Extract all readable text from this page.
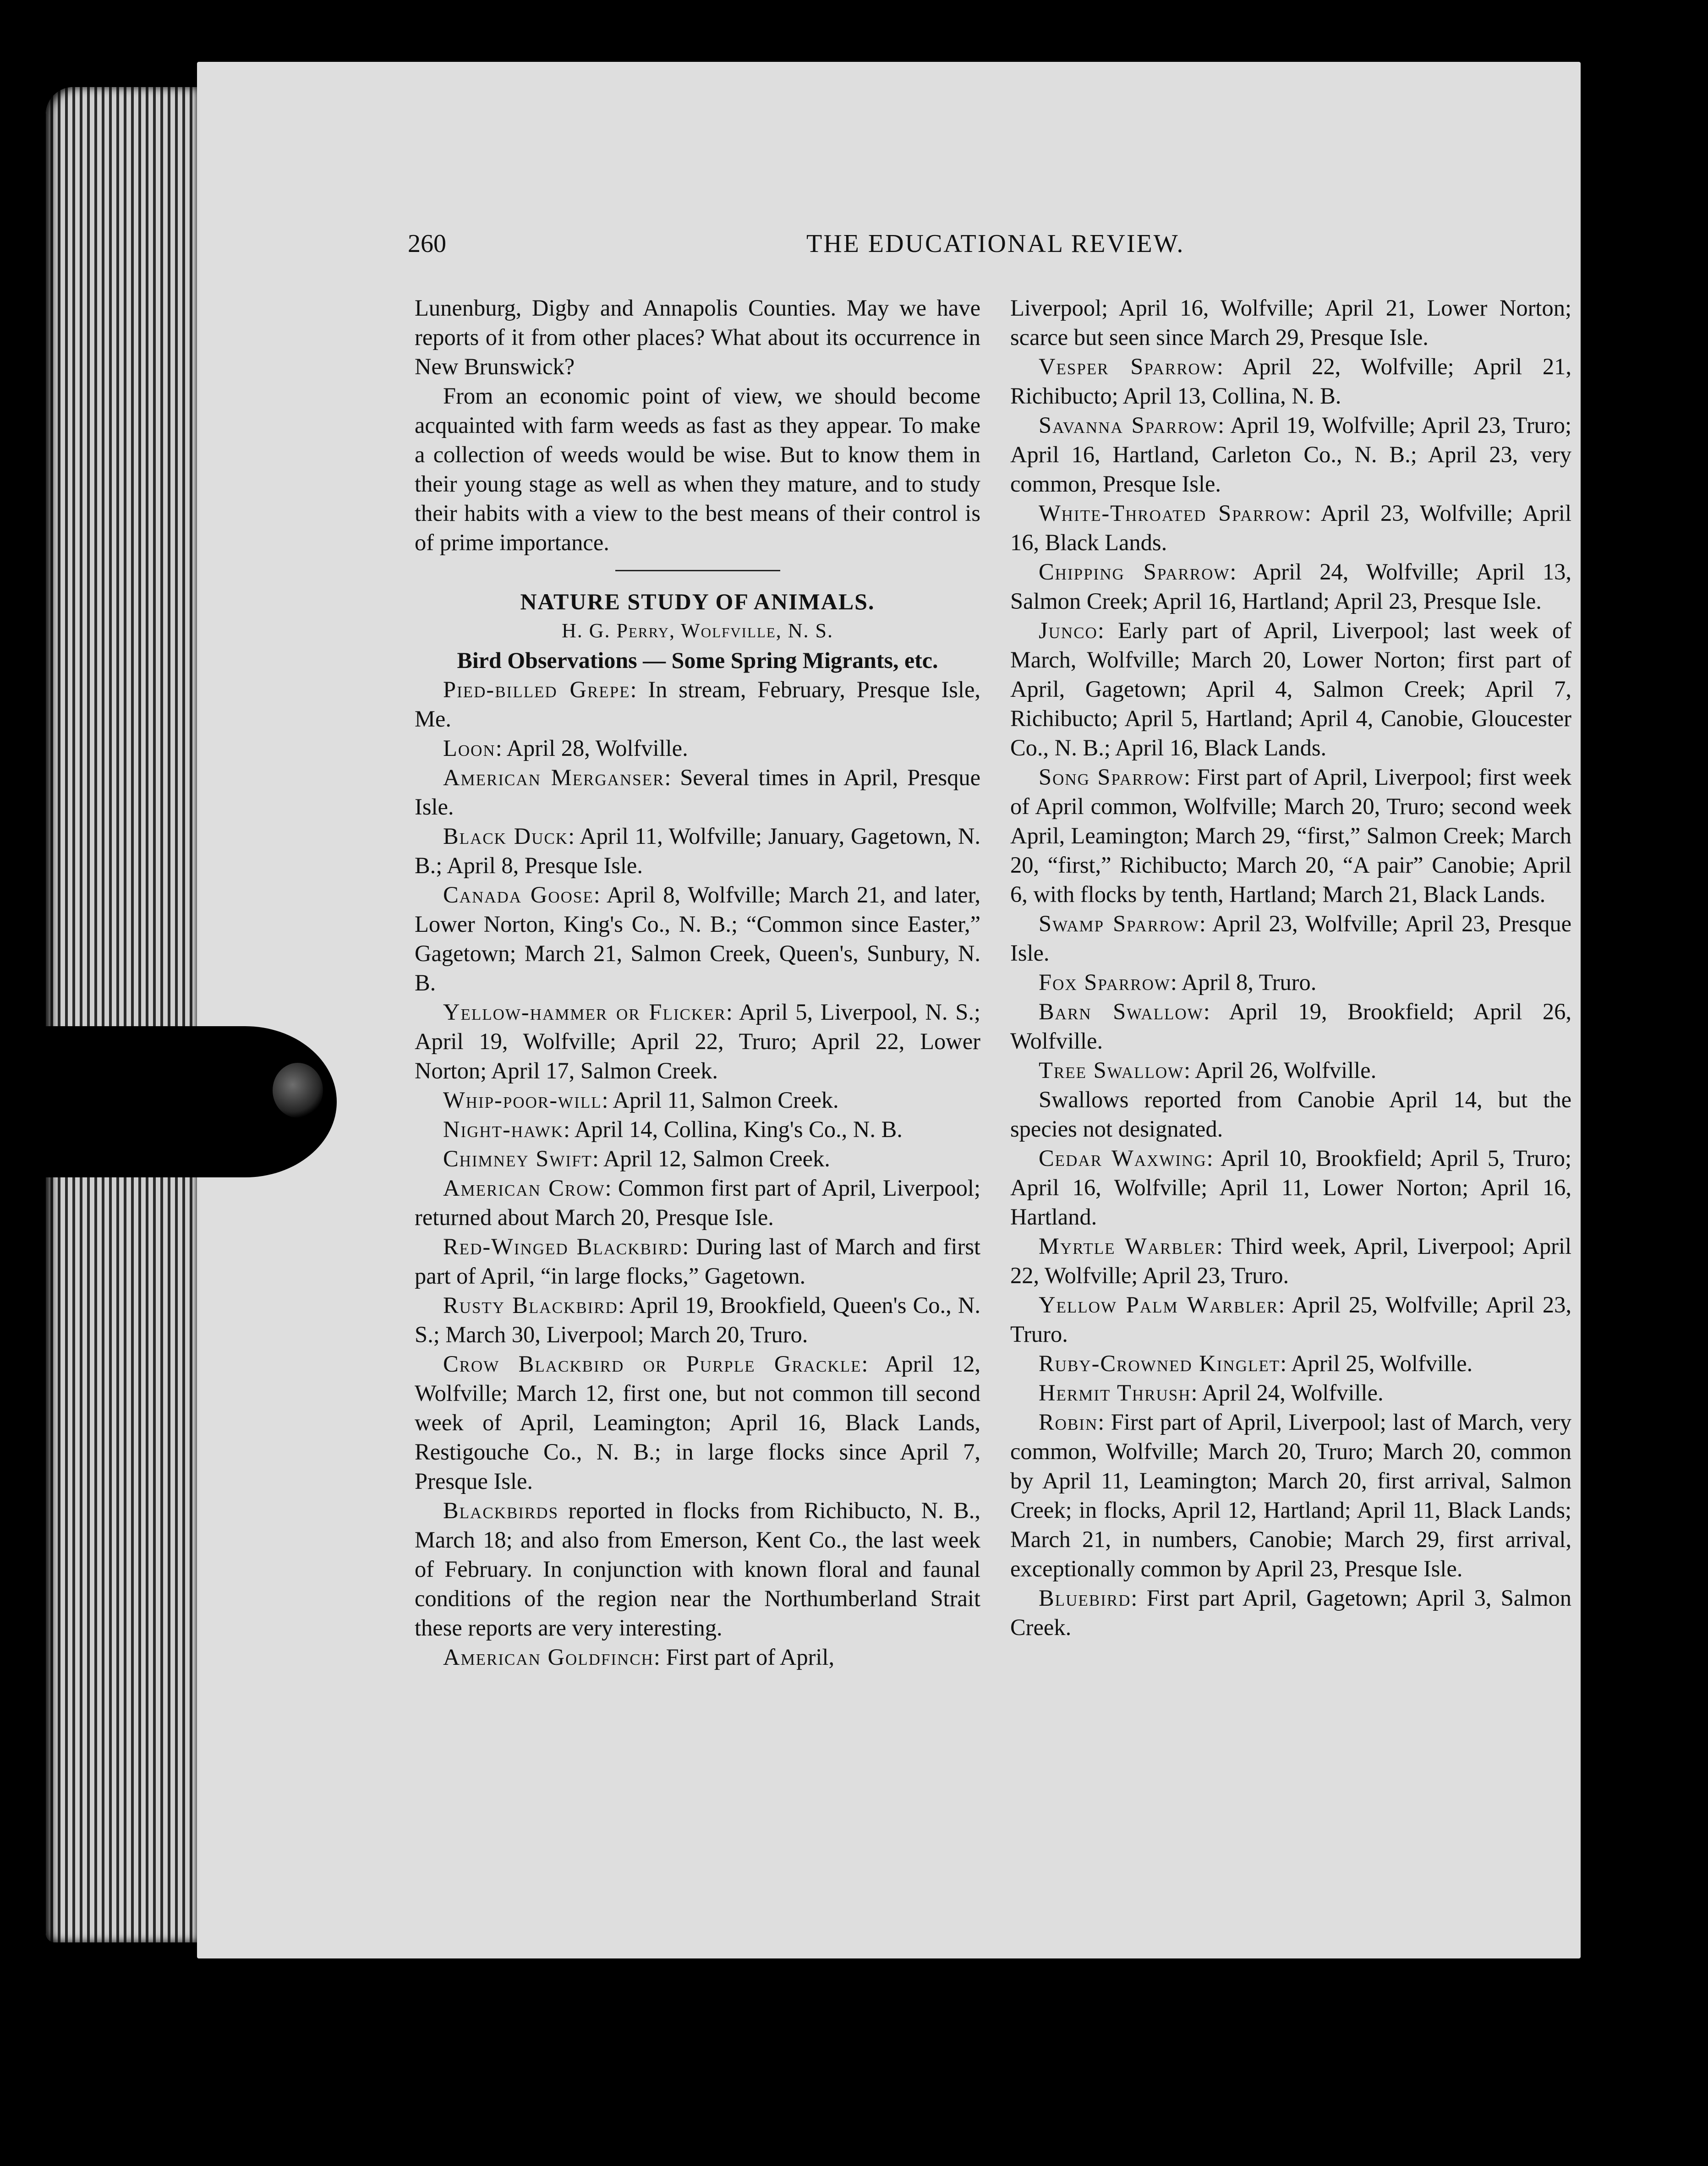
260	THE EDUCATIONAL REVIEW.

Lunenburg, Digby and Annapolis Counties. May we have reports of it from other places? What about its occurrence in New Brunswick?

From an economic point of view, we should become acquainted with farm weeds as fast as they appear. To make a collection of weeds would be wise. But to know them in their young stage as well as when they mature, and to study their habits with a view to the best means of their control is of prime importance.

NATURE STUDY OF ANIMALS.

H. G. Perry, Wolfville, N. S.

Bird Observations — Some Spring Migrants, etc.

Pied-billed Grepe: In stream, February, Presque Isle, Me.

Loon: April 28, Wolfville.

American Merganser: Several times in April, Presque Isle.

Black Duck: April 11, Wolfville; January, Gagetown, N. B.; April 8, Presque Isle.

Canada Goose: April 8, Wolfville; March 21, and later, Lower Norton, King's Co., N. B.; “Common since Easter,” Gagetown; March 21, Salmon Creek, Queen's, Sunbury, N. B.

Yellow-hammer or Flicker: April 5, Liverpool, N. S.; April 19, Wolfville; April 22, Truro; April 22, Lower Norton; April 17, Salmon Creek.

Whip-poor-will: April 11, Salmon Creek.

Night-hawk: April 14, Collina, King's Co., N. B.

Chimney Swift: April 12, Salmon Creek.

American Crow: Common first part of April, Liverpool; returned about March 20, Presque Isle.

Red-Winged Blackbird: During last of March and first part of April, “in large flocks,” Gagetown.

Rusty Blackbird: April 19, Brookfield, Queen's Co., N. S.; March 30, Liverpool; March 20, Truro.

Crow Blackbird or Purple Grackle: April 12, Wolfville; March 12, first one, but not common till second week of April, Leamington; April 16, Black Lands, Restigouche Co., N. B.; in large flocks since April 7, Presque Isle.

Blackbirds reported in flocks from Richibucto, N. B., March 18; and also from Emerson, Kent Co., the last week of February. In conjunction with known floral and faunal conditions of the region near the Northumberland Strait these reports are very interesting.

American Goldfinch: First part of April,

Liverpool; April 16, Wolfville; April 21, Lower Norton; scarce but seen since March 29, Presque Isle.

Vesper Sparrow: April 22, Wolfville; April 21, Richibucto; April 13, Collina, N. B.

Savanna Sparrow: April 19, Wolfville; April 23, Truro; April 16, Hartland, Carleton Co., N. B.; April 23, very common, Presque Isle.

White-Throated Sparrow: April 23, Wolfville; April 16, Black Lands.

Chipping Sparrow: April 24, Wolfville; April 13, Salmon Creek; April 16, Hartland; April 23, Presque Isle.

Junco: Early part of April, Liverpool; last week of March, Wolfville; March 20, Lower Norton; first part of April, Gagetown; April 4, Salmon Creek; April 7, Richibucto; April 5, Hartland; April 4, Canobie, Gloucester Co., N. B.; April 16, Black Lands.

Song Sparrow: First part of April, Liverpool; first week of April common, Wolfville; March 20, Truro; second week April, Leamington; March 29, “first,” Salmon Creek; March 20, “first,” Richibucto; March 20, “A pair” Canobie; April 6, with flocks by tenth, Hartland; March 21, Black Lands.

Swamp Sparrow: April 23, Wolfville; April 23, Presque Isle.

Fox Sparrow: April 8, Truro.

Barn Swallow: April 19, Brookfield; April 26, Wolfville.

Tree Swallow: April 26, Wolfville.

Swallows reported from Canobie April 14, but the species not designated.

Cedar Waxwing: April 10, Brookfield; April 5, Truro; April 16, Wolfville; April 11, Lower Norton; April 16, Hartland.

Myrtle Warbler: Third week, April, Liverpool; April 22, Wolfville; April 23, Truro.

Yellow Palm Warbler: April 25, Wolfville; April 23, Truro.

Ruby-Crowned Kinglet: April 25, Wolfville.

Hermit Thrush: April 24, Wolfville.

Robin: First part of April, Liverpool; last of March, very common, Wolfville; March 20, Truro; March 20, common by April 11, Leamington; March 20, first arrival, Salmon Creek; in flocks, April 12, Hartland; April 11, Black Lands; March 21, in numbers, Canobie; March 29, first arrival, exceptionally common by April 23, Presque Isle.

Bluebird: First part April, Gagetown; April 3, Salmon Creek.
